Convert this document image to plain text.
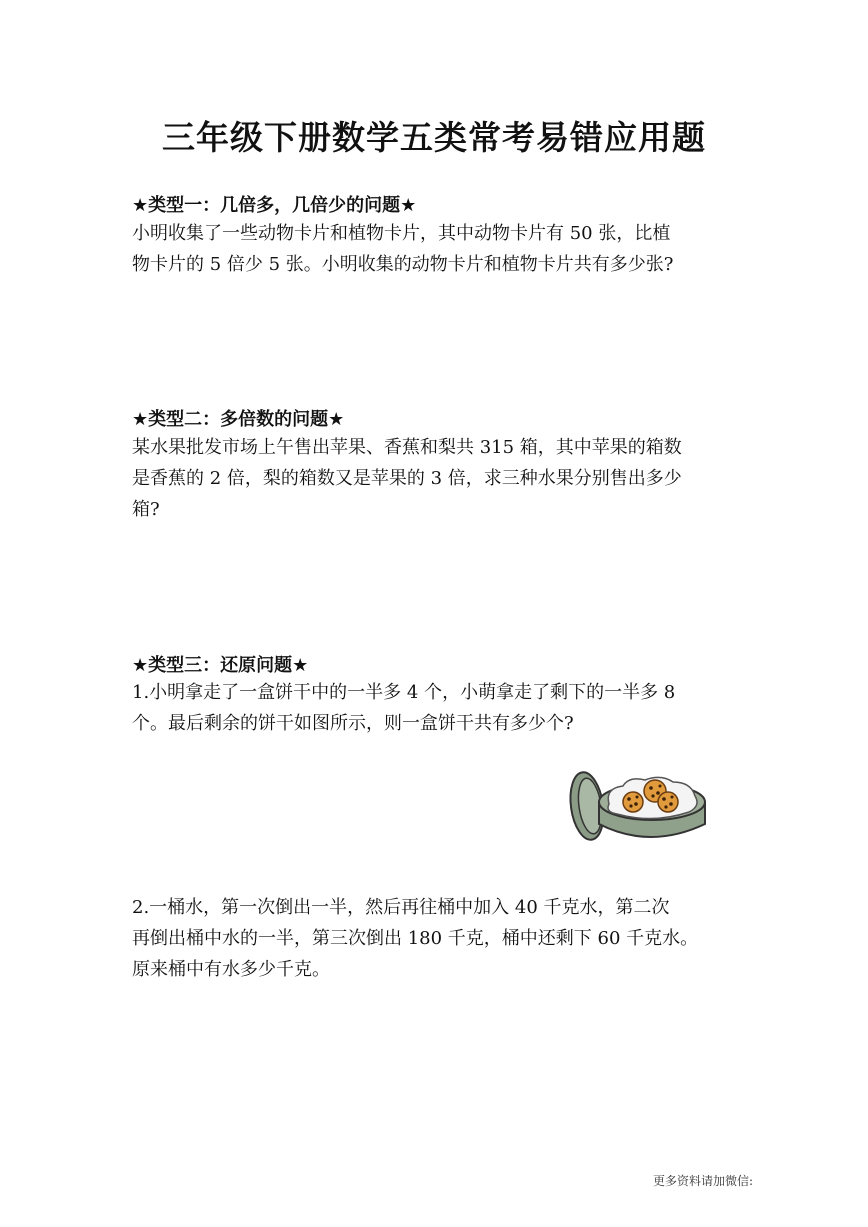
三年级下册数学五类常考易错应用题
★类型一：几倍多，几倍少的问题★
小明收集了一些动物卡片和植物卡片，其中动物卡片有 50 张，比植
物卡片的 5 倍少 5 张。小明收集的动物卡片和植物卡片共有多少张?
★类型二：多倍数的问题★
某水果批发市场上午售出苹果、香蕉和梨共 315 箱，其中苹果的箱数
是香蕉的 2 倍，梨的箱数又是苹果的 3 倍，求三种水果分别售出多少
箱?
★类型三：还原问题★
1.小明拿走了一盒饼干中的一半多 4 个，小萌拿走了剩下的一半多 8
个。最后剩余的饼干如图所示，则一盒饼干共有多少个?
2.一桶水，第一次倒出一半，然后再往桶中加入 40 千克水，第二次
再倒出桶中水的一半，第三次倒出 180 千克，桶中还剩下 60 千克水。
原来桶中有水多少千克。
更多资料请加微信:
